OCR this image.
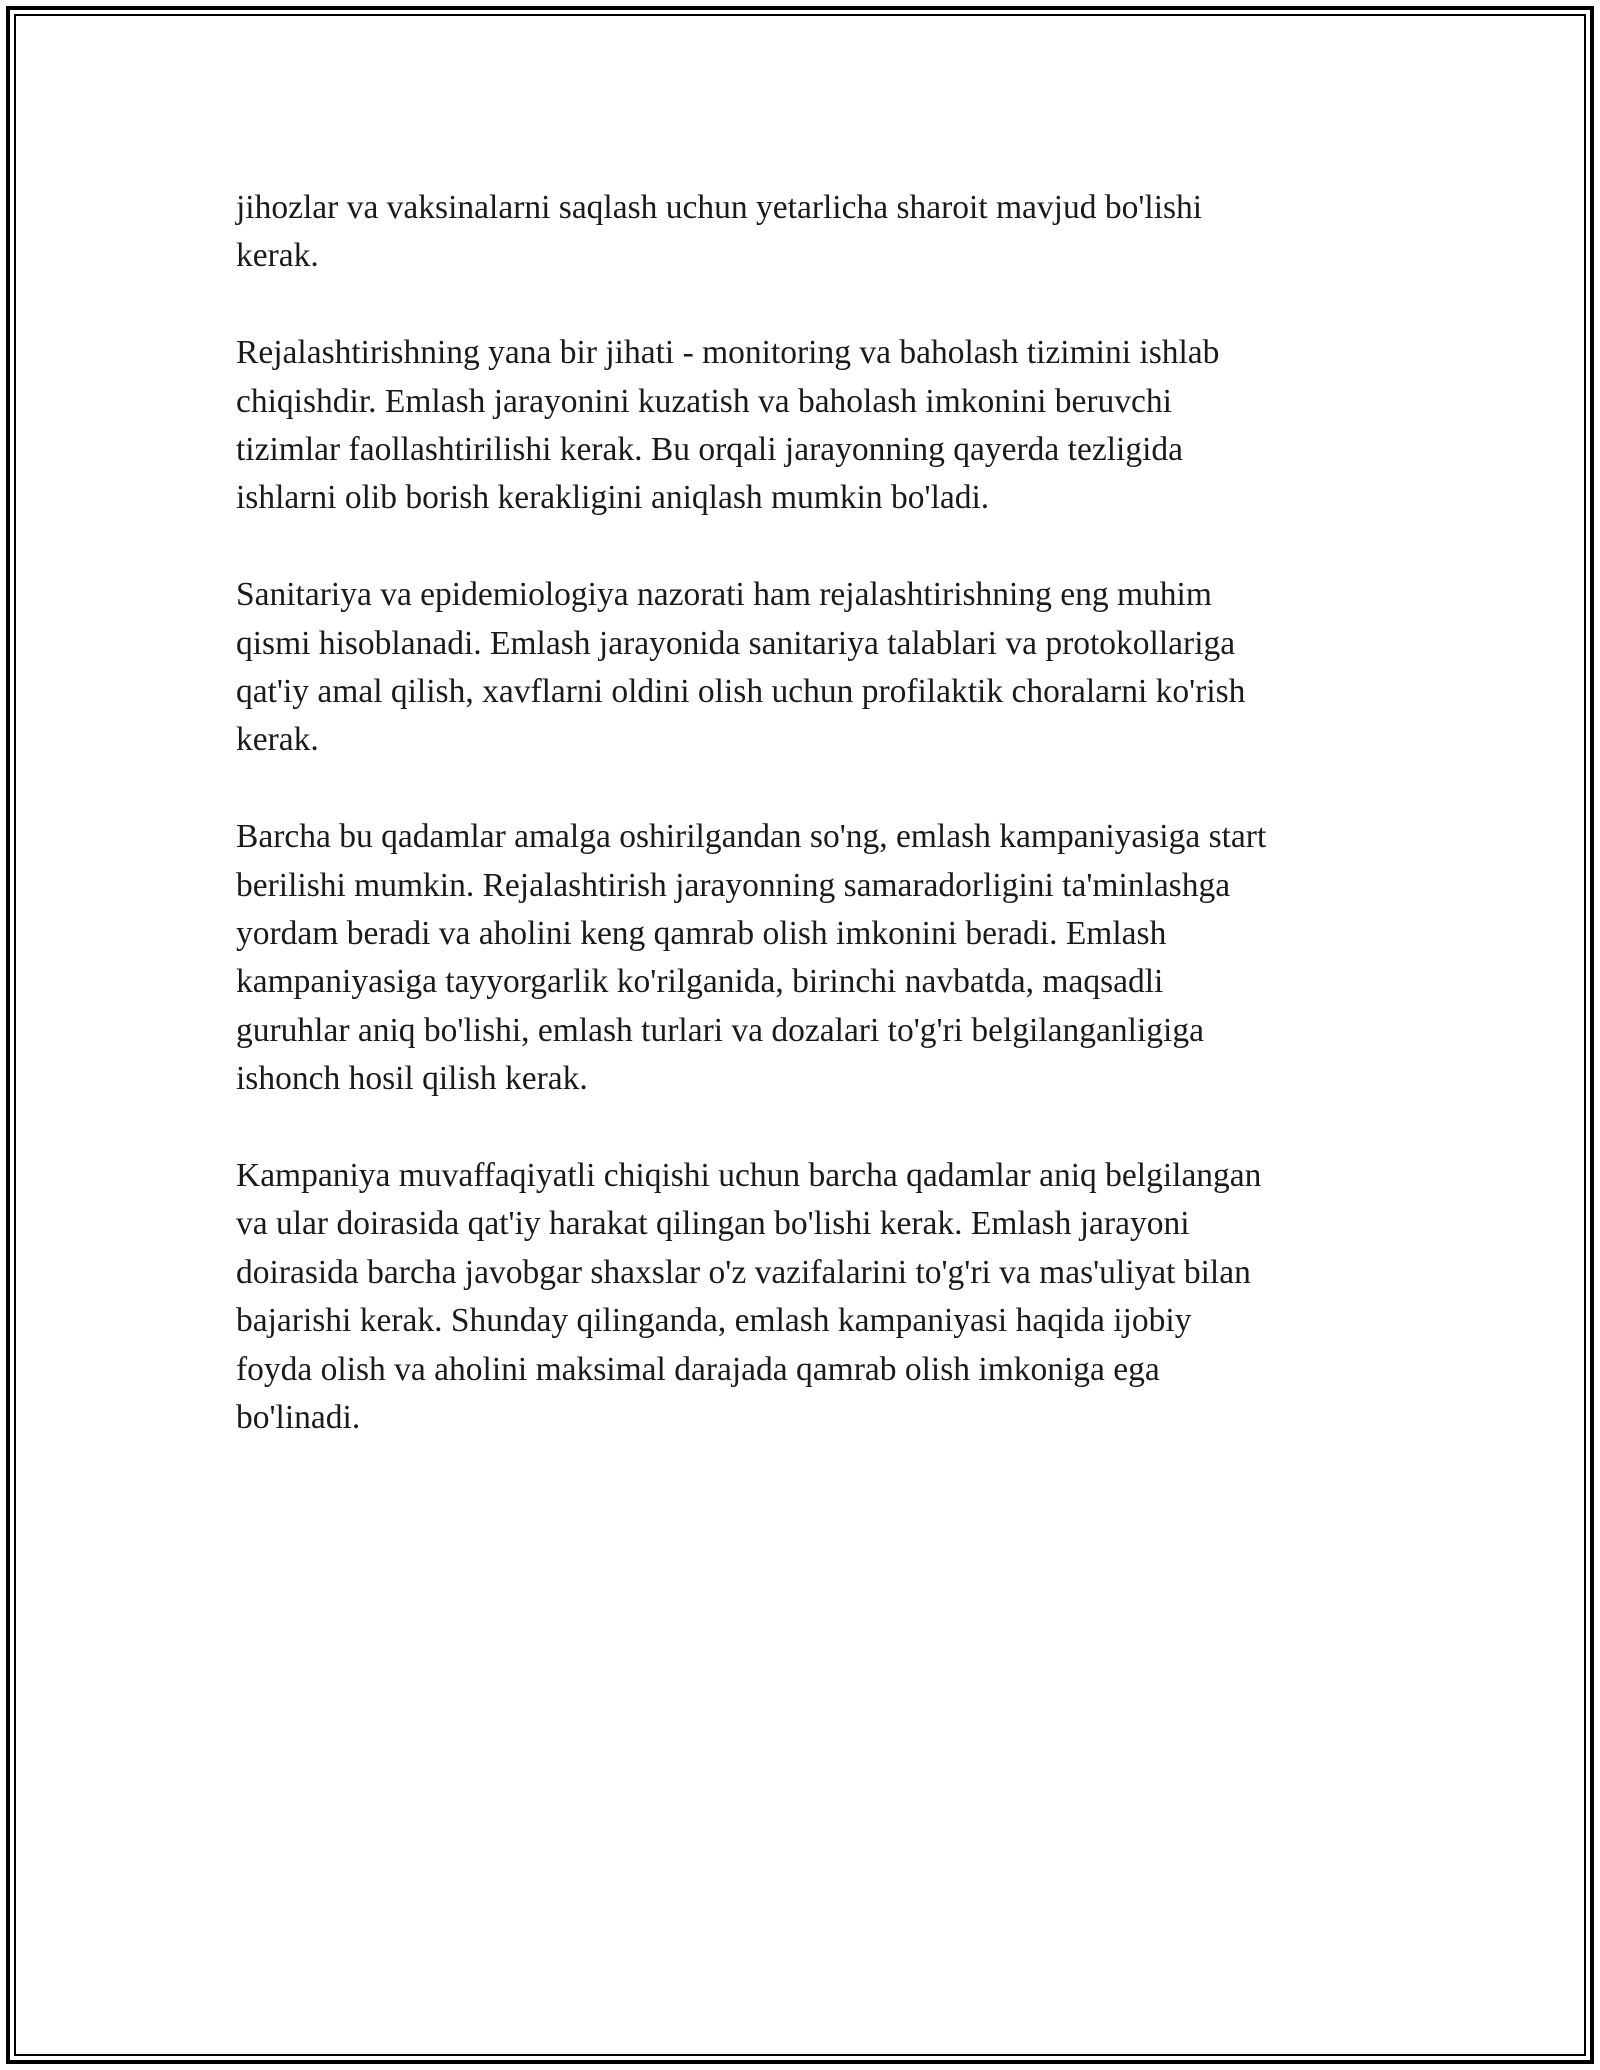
jihozlar va vaksinalarni saqlash uchun yetarlicha sharoit mavjud bo'lishi
kerak.

Rejalashtirishning yana bir jihati - monitoring va baholash tizimini ishlab
chiqishdir. Emlash jarayonini kuzatish va baholash imkonini beruvchi
tizimlar faollashtirilishi kerak. Bu orqali jarayonning qayerda tezligida
ishlarni olib borish kerakligini aniqlash mumkin bo'ladi.

Sanitariya va epidemiologiya nazorati ham rejalashtirishning eng muhim
qismi hisoblanadi. Emlash jarayonida sanitariya talablari va protokollariga
qat'iy amal qilish, xavflarni oldini olish uchun profilaktik choralarni ko'rish
kerak.

Barcha bu qadamlar amalga oshirilgandan so'ng, emlash kampaniyasiga start
berilishi mumkin. Rejalashtirish jarayonning samaradorligini ta'minlashga
yordam beradi va aholini keng qamrab olish imkonini beradi. Emlash
kampaniyasiga tayyorgarlik ko'rilganida, birinchi navbatda, maqsadli
guruhlar aniq bo'lishi, emlash turlari va dozalari to'g'ri belgilanganligiga
ishonch hosil qilish kerak.

Kampaniya muvaffaqiyatli chiqishi uchun barcha qadamlar aniq belgilangan
va ular doirasida qat'iy harakat qilingan bo'lishi kerak. Emlash jarayoni
doirasida barcha javobgar shaxslar o'z vazifalarini to'g'ri va mas'uliyat bilan
bajarishi kerak. Shunday qilinganda, emlash kampaniyasi haqida ijobiy
foyda olish va aholini maksimal darajada qamrab olish imkoniga ega
bo'linadi.
